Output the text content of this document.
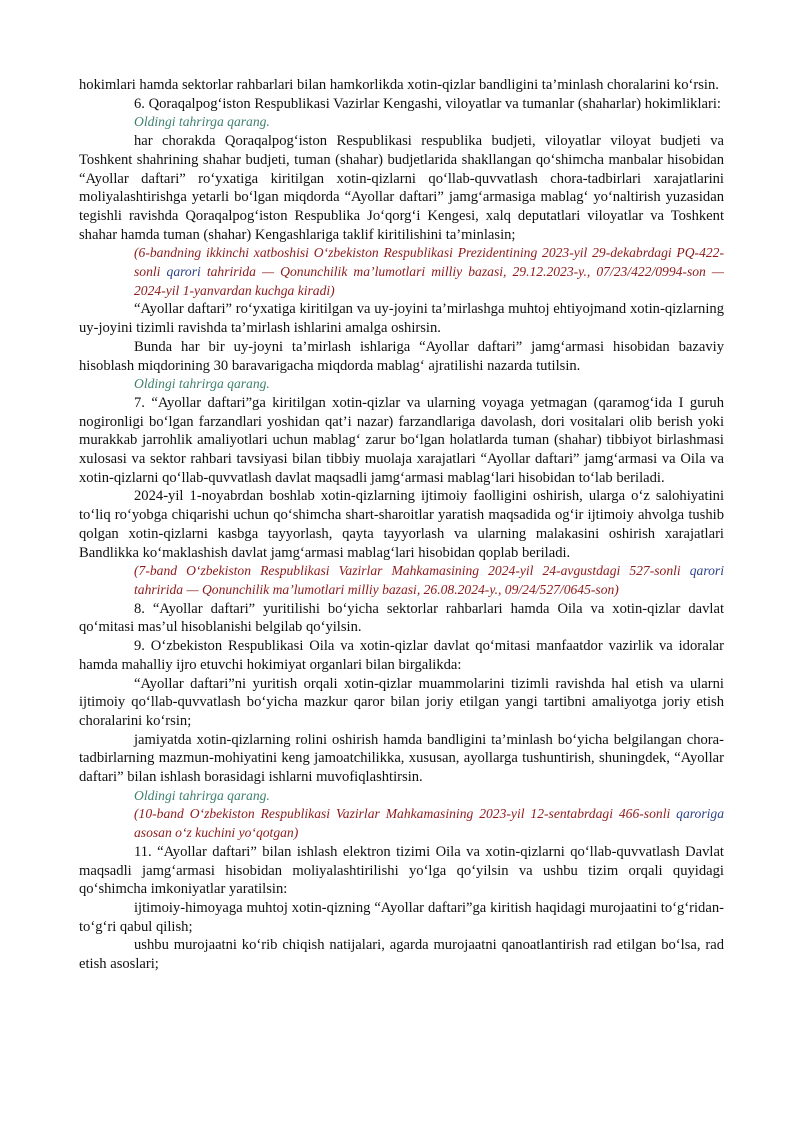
hokimlari hamda sektorlar rahbarlari bilan hamkorlikda xotin-qizlar bandligini ta’minlash choralarini ko‘rsin.

6. Qoraqalpog‘iston Respublikasi Vazirlar Kengashi, viloyatlar va tumanlar (shaharlar) hokimliklari:

Oldingi tahrirga qarang.

har chorakda Qoraqalpog‘iston Respublikasi respublika budjeti, viloyatlar viloyat budjeti va Toshkent shahrining shahar budjeti, tuman (shahar) budjetlarida shakllangan qo‘shimcha manbalar hisobidan “Ayollar daftari” ro‘yxatiga kiritilgan xotin-qizlarni qo‘llab-quvvatlash chora-tadbirlari xarajatlarini moliyalashtirishga yetarli bo‘lgan miqdorda “Ayollar daftari” jamg‘armasiga mablag‘ yo‘naltirish yuzasidan tegishli ravishda Qoraqalpog‘iston Respublika Jo‘qorg‘i Kengesi, xalq deputatlari viloyatlar va Toshkent shahar hamda tuman (shahar) Kengashlariga taklif kiritilishini ta’minlasin;

(6-bandning ikkinchi xatboshisi O‘zbekiston Respublikasi Prezidentining 2023-yil 29-dekabrdagi PQ-422-sonli qarori tahririda — Qonunchilik ma’lumotlari milliy bazasi, 29.12.2023-y., 07/23/422/0994-son — 2024-yil 1-yanvardan kuchga kiradi)

“Ayollar daftari” ro‘yxatiga kiritilgan va uy-joyini ta’mirlashga muhtoj ehtiyojmand xotin-qizlarning uy-joyini tizimli ravishda ta’mirlash ishlarini amalga oshirsin.

Bunda har bir uy-joyni ta’mirlash ishlariga “Ayollar daftari” jamg‘armasi hisobidan bazaviy hisoblash miqdorining 30 baravarigacha miqdorda mablag‘ ajratilishi nazarda tutilsin.

Oldingi tahrirga qarang.

7. “Ayollar daftari”ga kiritilgan xotin-qizlar va ularning voyaga yetmagan (qaramog‘ida I guruh nogironligi bo‘lgan farzandlari yoshidan qat’i nazar) farzandlariga davolash, dori vositalari olib berish yoki murakkab jarrohlik amaliyotlari uchun mablag‘ zarur bo‘lgan holatlarda tuman (shahar) tibbiyot birlashmasi xulosasi va sektor rahbari tavsiyasi bilan tibbiy muolaja xarajatlari “Ayollar daftari” jamg‘armasi va Oila va xotin-qizlarni qo‘llab-quvvatlash davlat maqsadli jamg‘armasi mablag‘lari hisobidan to‘lab beriladi.

2024-yil 1-noyabrdan boshlab xotin-qizlarning ijtimoiy faolligini oshirish, ularga o‘z salohiyatini to‘liq ro‘yobga chiqarishi uchun qo‘shimcha shart-sharoitlar yaratish maqsadida og‘ir ijtimoiy ahvolga tushib qolgan xotin-qizlarni kasbga tayyorlash, qayta tayyorlash va ularning malakasini oshirish xarajatlari Bandlikka ko‘maklashish davlat jamg‘armasi mablag‘lari hisobidan qoplab beriladi.

(7-band O‘zbekiston Respublikasi Vazirlar Mahkamasining 2024-yil 24-avgustdagi 527-sonli qarori tahririda — Qonunchilik ma’lumotlari milliy bazasi, 26.08.2024-y., 09/24/527/0645-son)

8. “Ayollar daftari” yuritilishi bo‘yicha sektorlar rahbarlari hamda Oila va xotin-qizlar davlat qo‘mitasi mas’ul hisoblanishi belgilab qo‘yilsin.

9. O‘zbekiston Respublikasi Oila va xotin-qizlar davlat qo‘mitasi manfaatdor vazirlik va idoralar hamda mahalliy ijro etuvchi hokimiyat organlari bilan birgalikda:

“Ayollar daftari”ni yuritish orqali xotin-qizlar muammolarini tizimli ravishda hal etish va ularni ijtimoiy qo‘llab-quvvatlash bo‘yicha mazkur qaror bilan joriy etilgan yangi tartibni amaliyotga joriy etish choralarini ko‘rsin;

jamiyatda xotin-qizlarning rolini oshirish hamda bandligini ta’minlash bo‘yicha belgilangan chora-tadbirlarning mazmun-mohiyatini keng jamoatchilikka, xususan, ayollarga tushuntirish, shuningdek, “Ayollar daftari” bilan ishlash borasidagi ishlarni muvofiqlashtirsin.

Oldingi tahrirga qarang.

(10-band O‘zbekiston Respublikasi Vazirlar Mahkamasining 2023-yil 12-sentabrdagi 466-sonli qaroriga asosan o‘z kuchini yo‘qotgan)

11. “Ayollar daftari” bilan ishlash elektron tizimi Oila va xotin-qizlarni qo‘llab-quvvatlash Davlat maqsadli jamg‘armasi hisobidan moliyalashtirilishi yo‘lga qo‘yilsin va ushbu tizim orqali quyidagi qo‘shimcha imkoniyatlar yaratilsin:

ijtimoiy-himoyaga muhtoj xotin-qizning “Ayollar daftari”ga kiritish haqidagi murojaatini to‘g‘ridan-to‘g‘ri qabul qilish;

ushbu murojaatni ko‘rib chiqish natijalari, agarda murojaatni qanoatlantirish rad etilgan bo‘lsa, rad etish asoslari;
